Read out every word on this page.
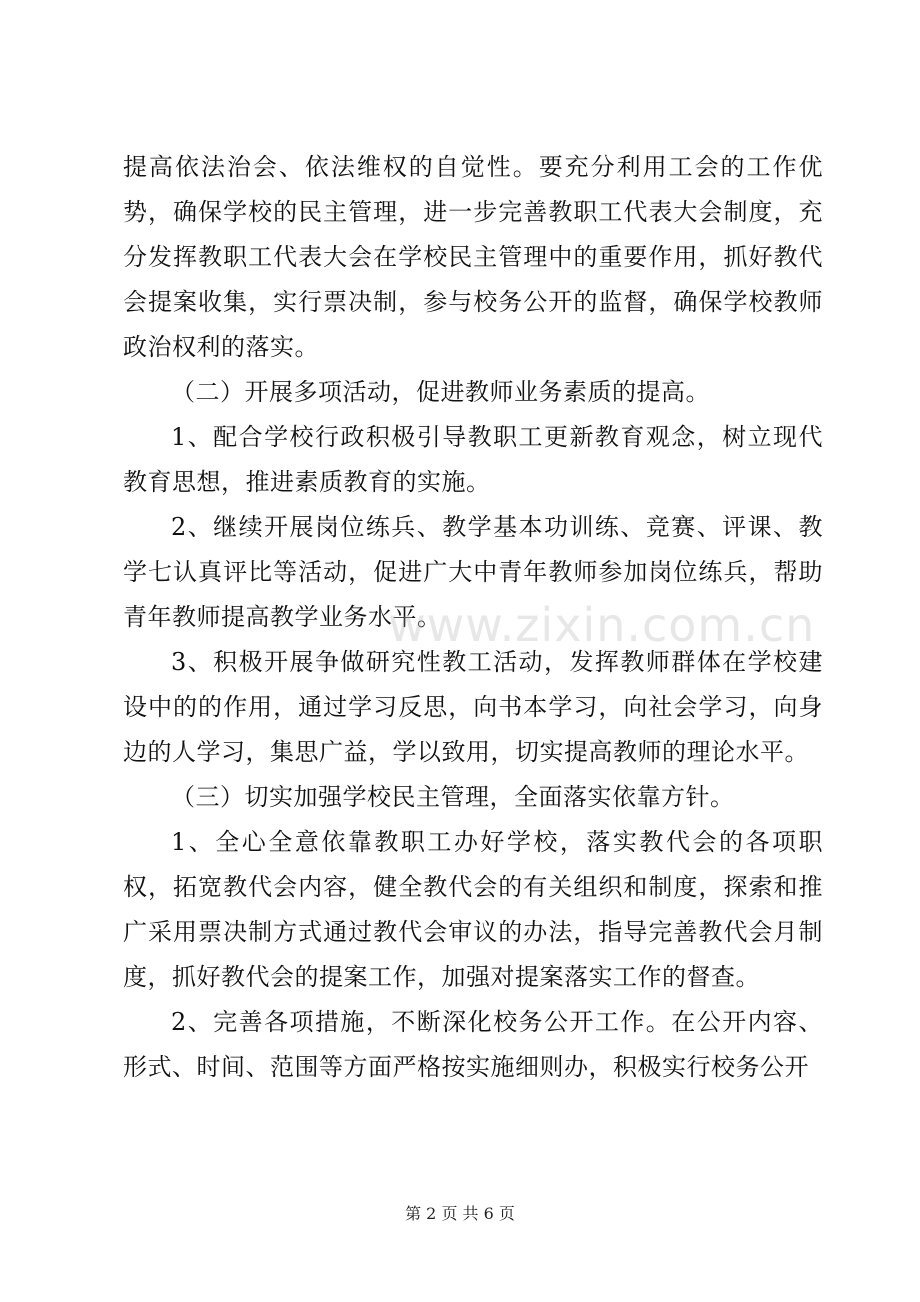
提高依法治会、依法维权的自觉性。要充分利用工会的工作优势，确保学校的民主管理，进一步完善教职工代表大会制度，充分发挥教职工代表大会在学校民主管理中的重要作用，抓好教代会提案收集，实行票决制，参与校务公开的监督，确保学校教师政治权利的落实。

（二）开展多项活动，促进教师业务素质的提高。

1、配合学校行政积极引导教职工更新教育观念，树立现代教育思想，推进素质教育的实施。

2、继续开展岗位练兵、教学基本功训练、竞赛、评课、教学七认真评比等活动，促进广大中青年教师参加岗位练兵，帮助青年教师提高教学业务水平。

3、积极开展争做研究性教工活动，发挥教师群体在学校建设中的的作用，通过学习反思，向书本学习，向社会学习，向身边的人学习，集思广益，学以致用，切实提高教师的理论水平。

（三）切实加强学校民主管理，全面落实依靠方针。

1、全心全意依靠教职工办好学校，落实教代会的各项职权，拓宽教代会内容，健全教代会的有关组织和制度，探索和推广采用票决制方式通过教代会审议的办法，指导完善教代会月制度，抓好教代会的提案工作，加强对提案落实工作的督查。

2、完善各项措施，不断深化校务公开工作。在公开内容、形式、时间、范围等方面严格按实施细则办，积极实行校务公开

www.zixin.com.cn
第 2 页 共 6 页
